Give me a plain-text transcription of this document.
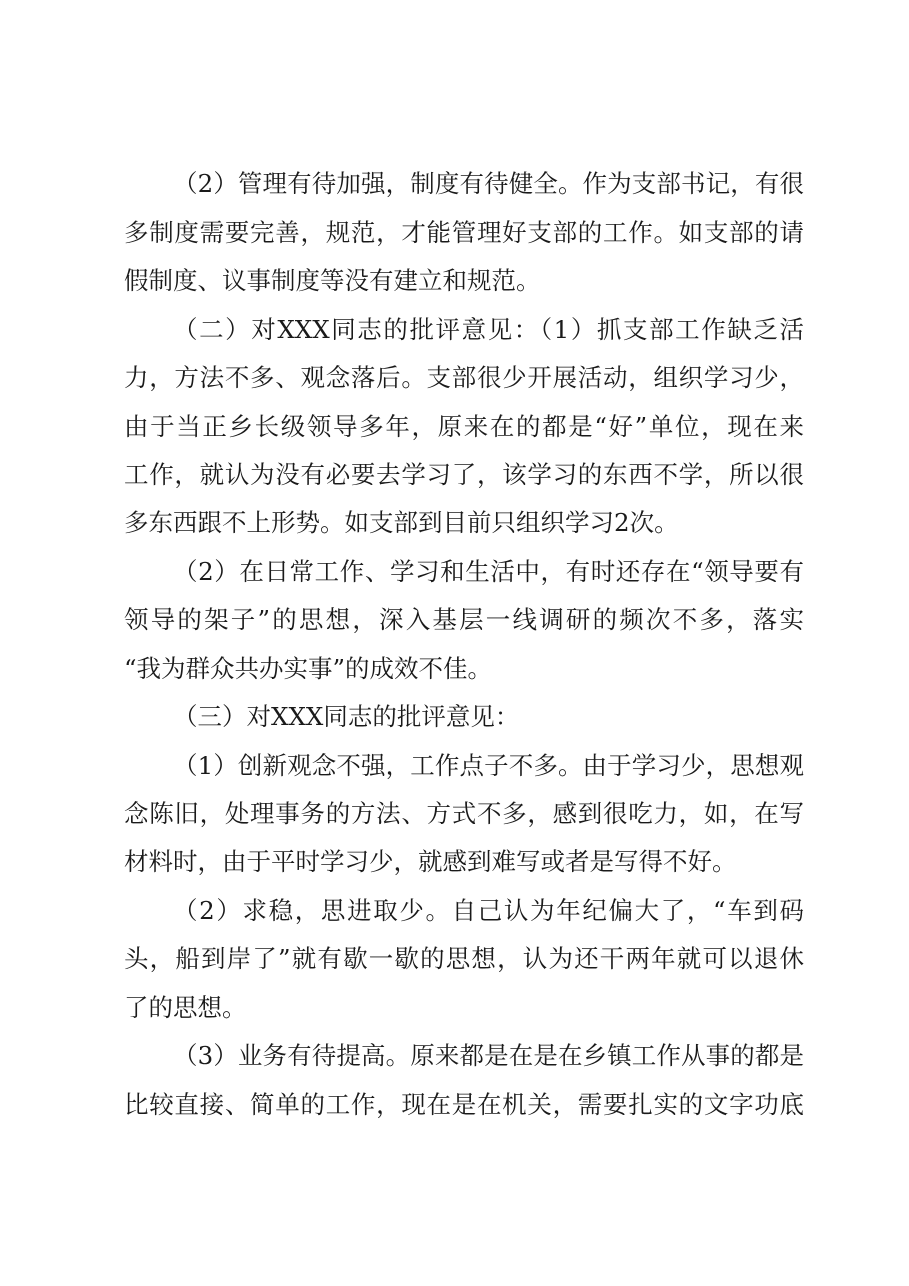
（2）管理有待加强，制度有待健全。作为支部书记，有很
多制度需要完善，规范，才能管理好支部的工作。如支部的请
假制度、议事制度等没有建立和规范。
（二）对XXX同志的批评意见：（1）抓支部工作缺乏活
力，方法不多、观念落后。支部很少开展活动，组织学习少，
由于当正乡长级领导多年，原来在的都是“好”单位，现在来
工作，就认为没有必要去学习了，该学习的东西不学，所以很
多东西跟不上形势。如支部到目前只组织学习2次。
（2）在日常工作、学习和生活中，有时还存在“领导要有
领导的架子”的思想，深入基层一线调研的频次不多，落实
“我为群众共办实事”的成效不佳。
（三）对XXX同志的批评意见：
（1）创新观念不强，工作点子不多。由于学习少，思想观
念陈旧，处理事务的方法、方式不多，感到很吃力，如，在写
材料时，由于平时学习少，就感到难写或者是写得不好。
（2）求稳，思进取少。自己认为年纪偏大了，“车到码
头，船到岸了”就有歇一歇的思想，认为还干两年就可以退休
了的思想。
（3）业务有待提高。原来都是在是在乡镇工作从事的都是
比较直接、简单的工作，现在是在机关，需要扎实的文字功底
